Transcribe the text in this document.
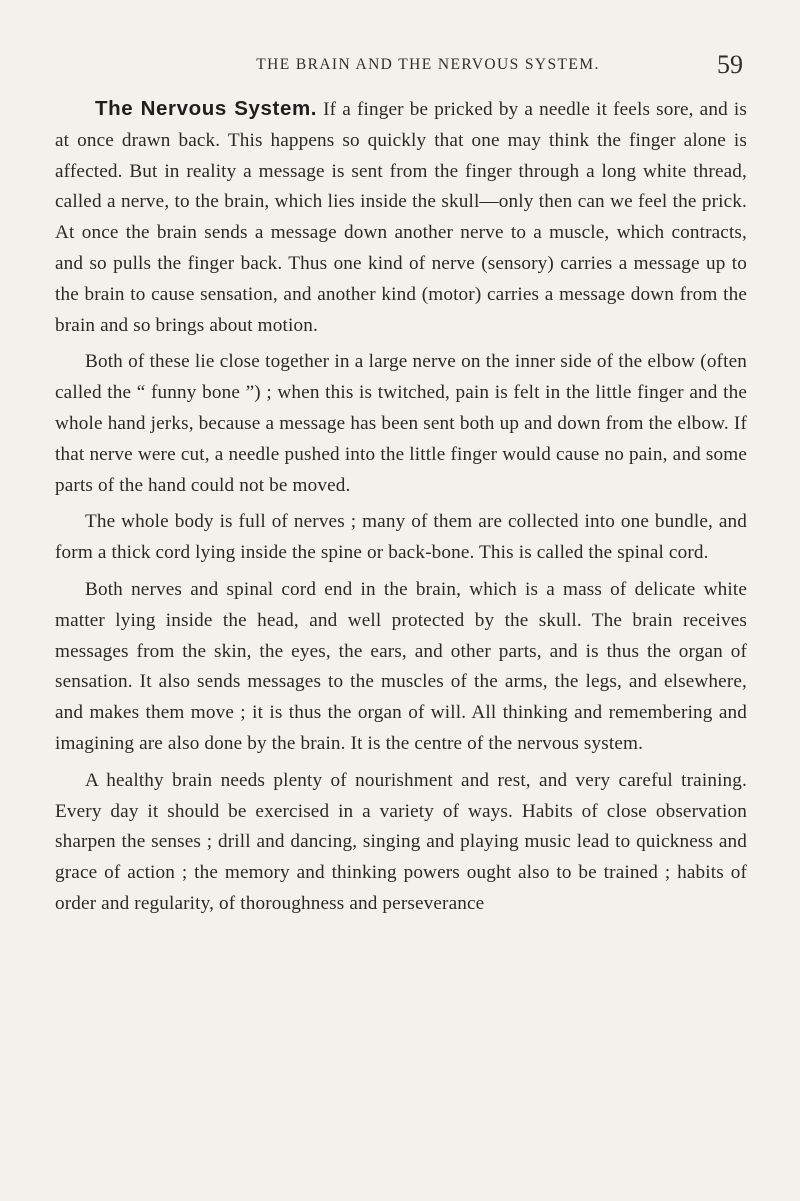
THE BRAIN AND THE NERVOUS SYSTEM.	59

The Nervous System. If a finger be pricked by a needle it feels sore, and is at once drawn back. This happens so quickly that one may think the finger alone is affected. But in reality a message is sent from the finger through a long white thread, called a nerve, to the brain, which lies inside the skull—only then can we feel the prick. At once the brain sends a message down another nerve to a muscle, which contracts, and so pulls the finger back. Thus one kind of nerve (sensory) carries a message up to the brain to cause sensation, and another kind (motor) carries a message down from the brain and so brings about motion.

Both of these lie close together in a large nerve on the inner side of the elbow (often called the “ funny bone ”) ; when this is twitched, pain is felt in the little finger and the whole hand jerks, because a message has been sent both up and down from the elbow. If that nerve were cut, a needle pushed into the little finger would cause no pain, and some parts of the hand could not be moved.

The whole body is full of nerves ; many of them are collected into one bundle, and form a thick cord lying inside the spine or back-bone. This is called the spinal cord.

Both nerves and spinal cord end in the brain, which is a mass of delicate white matter lying inside the head, and well protected by the skull. The brain receives messages from the skin, the eyes, the ears, and other parts, and is thus the organ of sensation. It also sends messages to the muscles of the arms, the legs, and elsewhere, and makes them move ; it is thus the organ of will. All thinking and remembering and imagining are also done by the brain. It is the centre of the nervous system.

A healthy brain needs plenty of nourishment and rest, and very careful training. Every day it should be exercised in a variety of ways. Habits of close observation sharpen the senses ; drill and dancing, singing and playing music lead to quickness and grace of action ; the memory and thinking powers ought also to be trained ; habits of order and regularity, of thoroughness and perseverance
